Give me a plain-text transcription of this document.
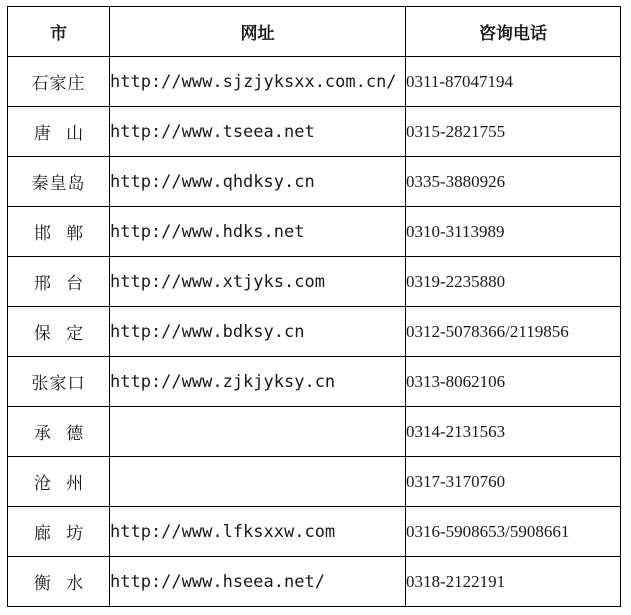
市	网址	咨询电话
石家庄	http://www.sjzjyksxx.com.cn/	0311-87047194
唐山	http://www.tseea.net	0315-2821755
秦皇岛	http://www.qhdksy.cn	0335-3880926
邯郸	http://www.hdks.net	0310-3113989
邢台	http://www.xtjyks.com	0319-2235880
保定	http://www.bdksy.cn	0312-5078366/2119856
张家口	http://www.zjkjyksy.cn	0313-8062106
承德		0314-2131563
沧州		0317-3170760
廊坊	http://www.lfksxxw.com	0316-5908653/5908661
衡水	http://www.hseea.net/	0318-2122191
